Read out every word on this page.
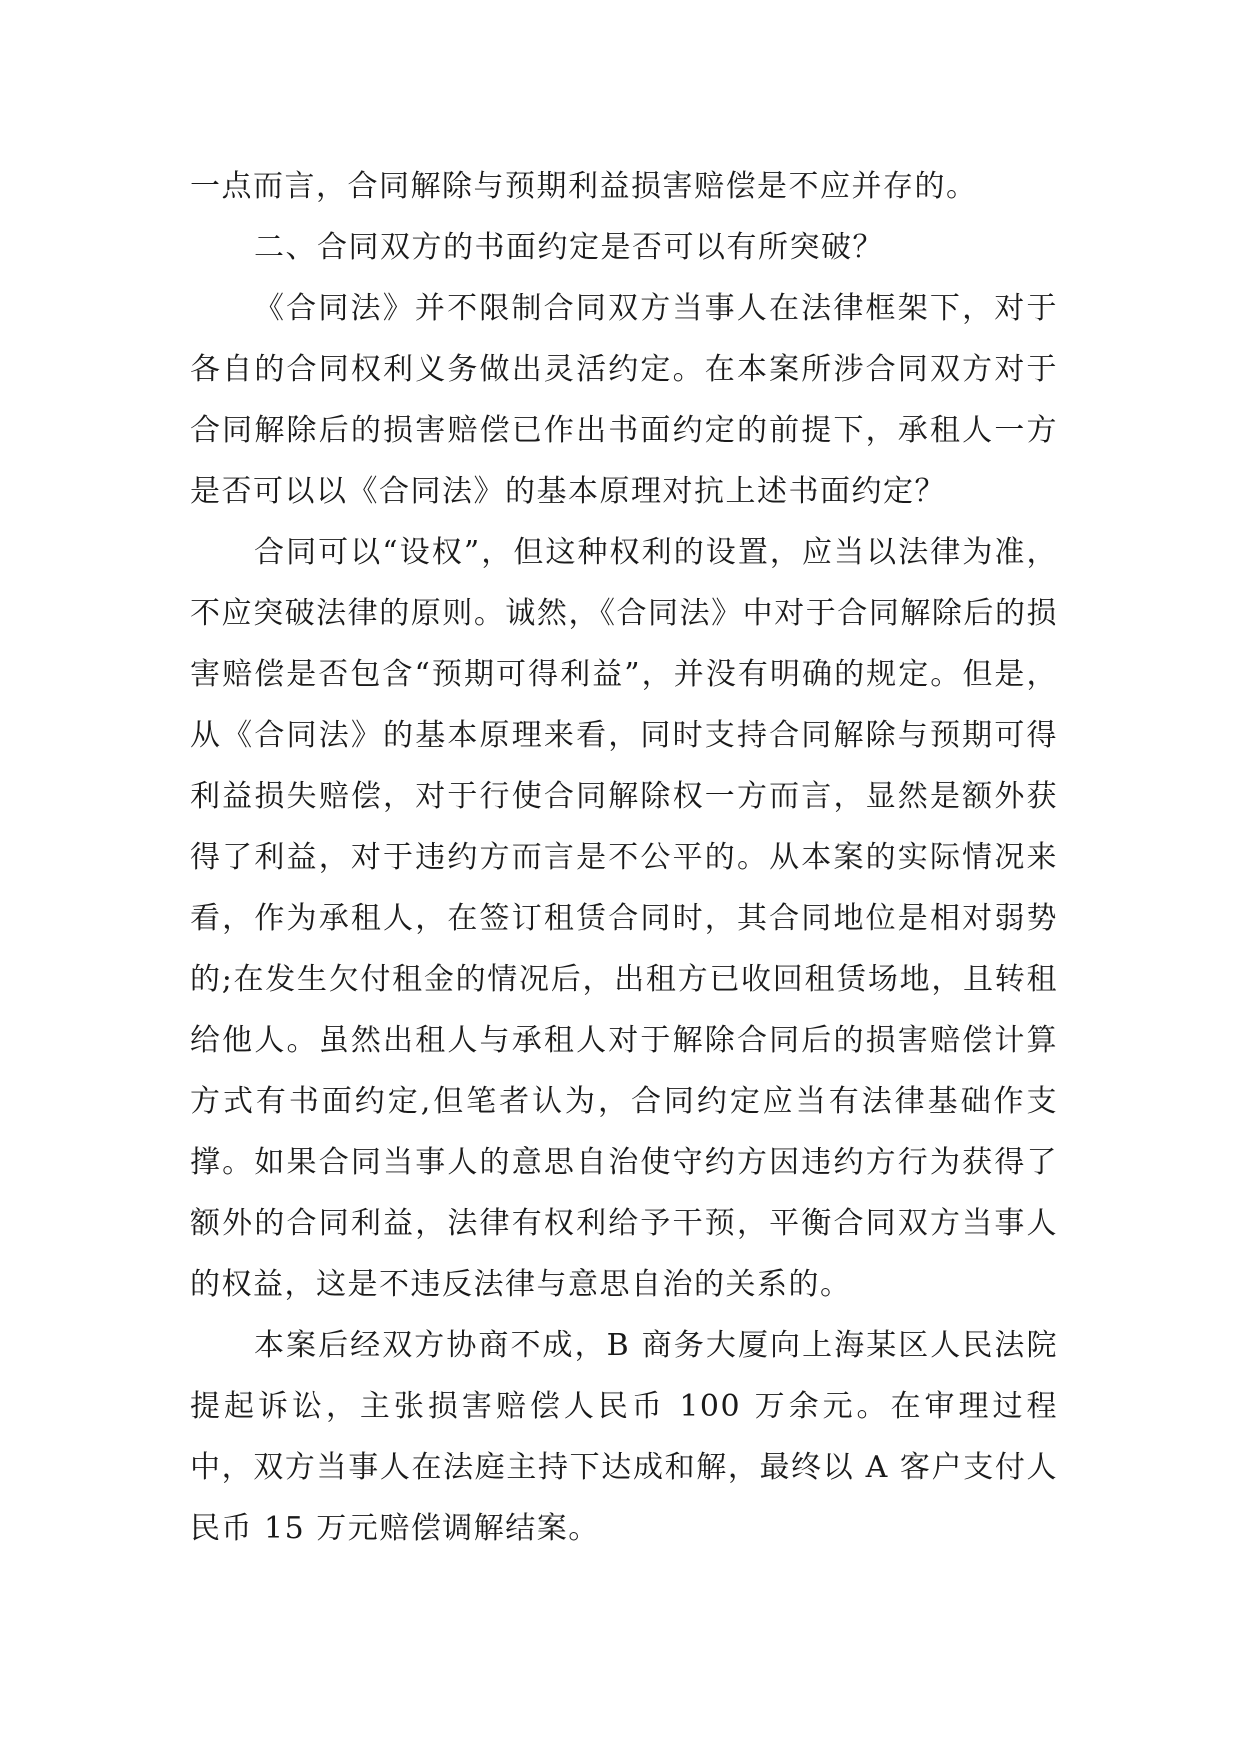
一点而言，合同解除与预期利益损害赔偿是不应并存的。

二、合同双方的书面约定是否可以有所突破？

《合同法》并不限制合同双方当事人在法律框架下，对于各自的合同权利义务做出灵活约定。在本案所涉合同双方对于合同解除后的损害赔偿已作出书面约定的前提下，承租人一方是否可以以《合同法》的基本原理对抗上述书面约定？

合同可以“设权”，但这种权利的设置，应当以法律为准，不应突破法律的原则。诚然，《合同法》中对于合同解除后的损害赔偿是否包含“预期可得利益”，并没有明确的规定。但是，从《合同法》的基本原理来看，同时支持合同解除与预期可得利益损失赔偿，对于行使合同解除权一方而言，显然是额外获得了利益，对于违约方而言是不公平的。从本案的实际情况来看，作为承租人，在签订租赁合同时，其合同地位是相对弱势的;在发生欠付租金的情况后，出租方已收回租赁场地，且转租给他人。虽然出租人与承租人对于解除合同后的损害赔偿计算方式有书面约定,但笔者认为，合同约定应当有法律基础作支撑。如果合同当事人的意思自治使守约方因违约方行为获得了额外的合同利益，法律有权利给予干预，平衡合同双方当事人的权益，这是不违反法律与意思自治的关系的。

本案后经双方协商不成，B 商务大厦向上海某区人民法院提起诉讼，主张损害赔偿人民币 100 万余元。在审理过程中，双方当事人在法庭主持下达成和解，最终以 A 客户支付人民币 15 万元赔偿调解结案。
